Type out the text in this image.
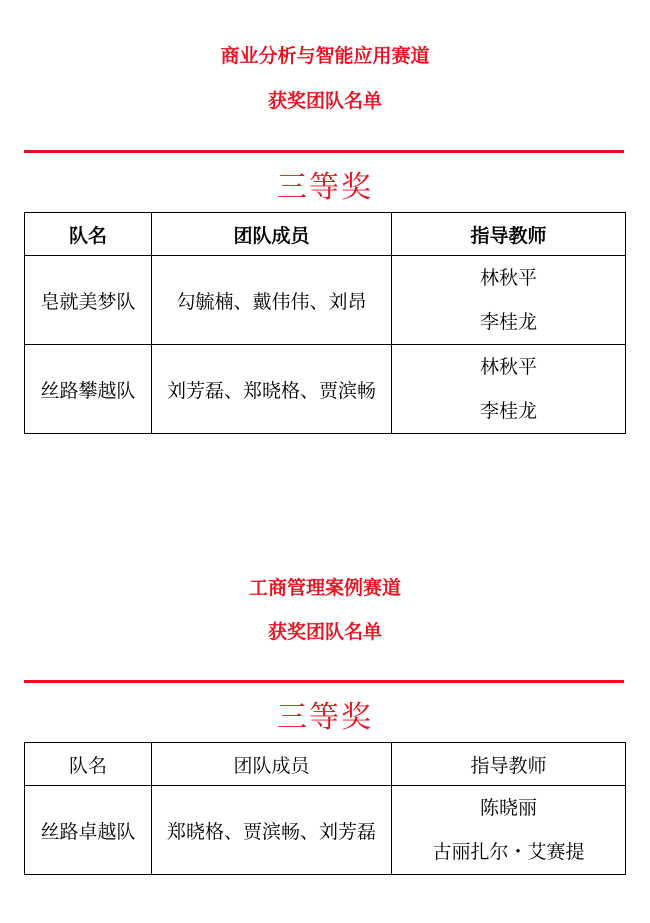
商业分析与智能应用赛道
获奖团队名单
三等奖
队名	团队成员	指导教师
皂就美梦队	勾毓楠、戴伟伟、刘昂	林秋平
李桂龙

丝路攀越队	刘芳磊、郑晓格、贾滨畅	林秋平
李桂龙
工商管理案例赛道
获奖团队名单
三等奖
队名	团队成员	指导教师
丝路卓越队	郑晓格、贾滨畅、刘芳磊	陈晓丽
古丽扎尔・艾赛提
